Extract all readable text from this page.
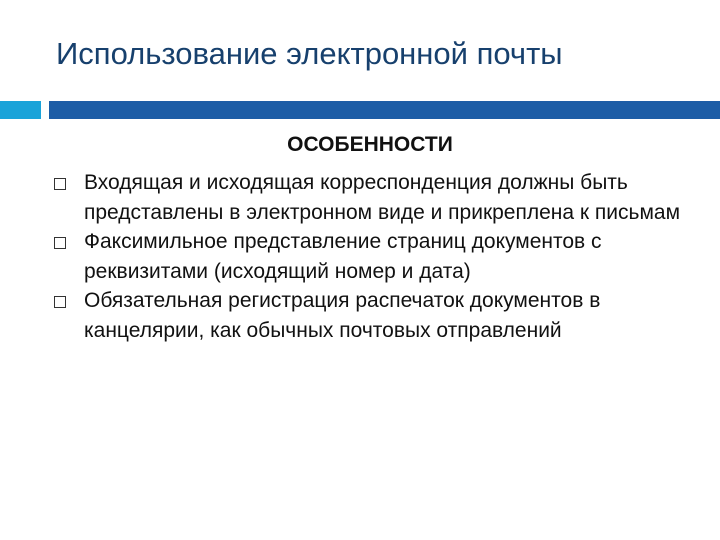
Использование электронной почты
ОСОБЕННОСТИ
Входящая и исходящая корреспонденция должны быть представлены в электронном виде и прикреплена к письмам
Факсимильное представление страниц документов с реквизитами (исходящий номер и дата)
Обязательная регистрация распечаток документов в канцелярии, как обычных почтовых отправлений
